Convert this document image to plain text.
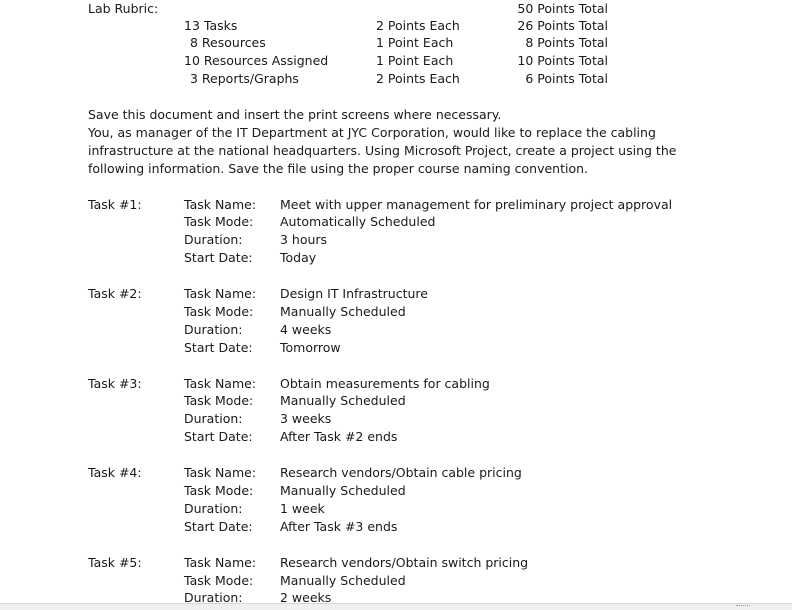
Lab Rubric:	50 Points Total
13 Tasks	2 Points Each	26 Points Total
8 Resources	1 Point Each	8 Points Total
10 Resources Assigned	1 Point Each	10 Points Total
3 Reports/Graphs	2 Points Each	6 Points Total
Save this document and insert the print screens where necessary.
You, as manager of the IT Department at JYC Corporation, would like to replace the cabling infrastructure at the national headquarters. Using Microsoft Project, create a project using the following information. Save the file using the proper course naming convention.
Task #1:	Task Name: Meet with upper management for preliminary project approval
Task Mode: Automatically Scheduled
Duration:	3 hours
Start Date: Today
Task #2:	Task Name: Design IT Infrastructure
Task Mode: Manually Scheduled
Duration:	4 weeks
Start Date: Tomorrow
Task #3:	Task Name: Obtain measurements for cabling
Task Mode: Manually Scheduled
Duration:	3 weeks
Start Date: After Task #2 ends
Task #4:	Task Name: Research vendors/Obtain cable pricing
Task Mode: Manually Scheduled
Duration:	1 week
Start Date: After Task #3 ends
Task #5:	Task Name: Research vendors/Obtain switch pricing
Task Mode: Manually Scheduled
Duration:	2 weeks
